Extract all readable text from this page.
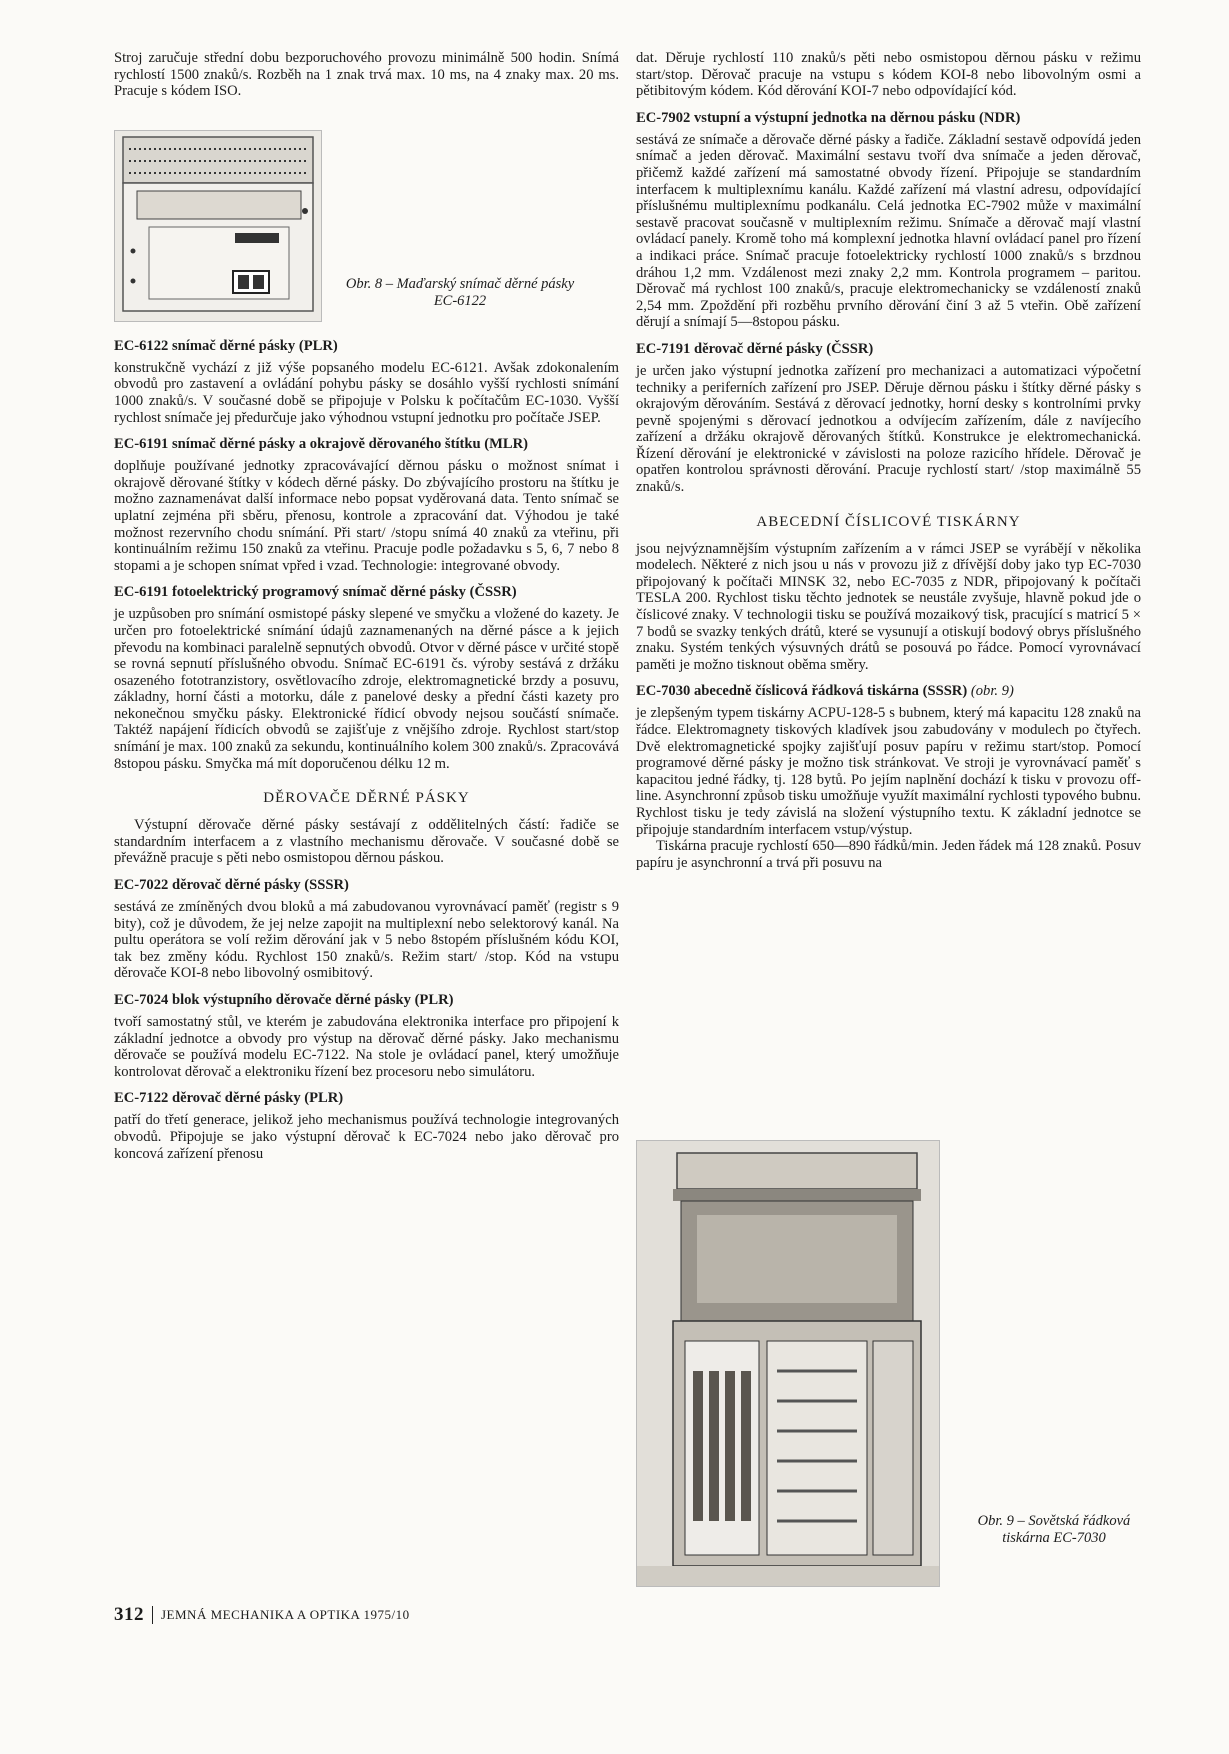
Stroj zaručuje střední dobu bezporuchového provozu minimálně 500 hodin. Snímá rychlostí 1500 znaků/s. Rozběh na 1 znak trvá max. 10 ms, na 4 znaky max. 20 ms. Pracuje s kódem ISO.

Obr. 8 – Maďarský snímač děrné pásky EC-6122
EC-6122 snímač děrné pásky (PLR)

konstrukčně vychází z již výše popsaného modelu EC-6121. Avšak zdokonalením obvodů pro zastavení a ovládání pohybu pásky se dosáhlo vyšší rychlosti snímání 1000 znaků/s. V současné době se připojuje v Polsku k počítačům EC-1030. Vyšší rychlost snímače jej předurčuje jako výhodnou vstupní jednotku pro počítače JSEP.

EC-6191 snímač děrné pásky a okrajově děrovaného štítku (MLR)

doplňuje používané jednotky zpracovávající děrnou pásku o možnost snímat i okrajově děrované štítky v kódech děrné pásky. Do zbývajícího prostoru na štítku je možno zaznamenávat další informace nebo popsat vyděrovaná data. Tento snímač se uplatní zejména při sběru, přenosu, kontrole a zpracování dat. Výhodou je také možnost rezervního chodu snímání. Při start/ /stopu snímá 40 znaků za vteřinu, při kontinuálním režimu 150 znaků za vteřinu. Pracuje podle požadavku s 5, 6, 7 nebo 8 stopami a je schopen snímat vpřed i vzad. Technologie: integrované obvody.

EC-6191 fotoelektrický programový snímač děrné pásky (ČSSR)

je uzpůsoben pro snímání osmistopé pásky slepené ve smyčku a vložené do kazety. Je určen pro fotoelektrické snímání údajů zaznamenaných na děrné pásce a k jejich převodu na kombinaci paralelně sepnutých obvodů. Otvor v děrné pásce v určité stopě se rovná sepnutí příslušného obvodu. Snímač EC-6191 čs. výroby sestává z držáku osazeného fototranzistory, osvětlovacího zdroje, elektromagnetické brzdy a posuvu, základny, horní části a motorku, dále z panelové desky a přední části kazety pro nekonečnou smyčku pásky. Elektronické řídicí obvody nejsou součástí snímače. Taktéž napájení řídicích obvodů se zajišťuje z vnějšího zdroje. Rychlost start/stop snímání je max. 100 znaků za sekundu, kontinuálního kolem 300 znaků/s. Zpracovává 8stopou pásku. Smyčka má mít doporučenou délku 12 m.

DĚROVAČE DĚRNÉ PÁSKY

Výstupní děrovače děrné pásky sestávají z oddělitelných částí: řadiče se standardním interfacem a z vlastního mechanismu děrovače. V současné době se převážně pracuje s pěti nebo osmistopou děrnou páskou.

EC-7022 děrovač děrné pásky (SSSR)

sestává ze zmíněných dvou bloků a má zabudovanou vyrovnávací paměť (registr s 9 bity), což je důvodem, že jej nelze zapojit na multiplexní nebo selektorový kanál. Na pultu operátora se volí režim děrování jak v 5 nebo 8stopém příslušném kódu KOI, tak bez změny kódu. Rychlost 150 znaků/s. Režim start/ /stop. Kód na vstupu děrovače KOI-8 nebo libovolný osmibitový.

EC-7024 blok výstupního děrovače děrné pásky (PLR)

tvoří samostatný stůl, ve kterém je zabudována elektronika interface pro připojení k základní jednotce a obvody pro výstup na děrovač děrné pásky. Jako mechanismu děrovače se používá modelu EC-7122. Na stole je ovládací panel, který umožňuje kontrolovat děrovač a elektroniku řízení bez procesoru nebo simulátoru.

EC-7122 děrovač děrné pásky (PLR)

patří do třetí generace, jelikož jeho mechanismus používá technologie integrovaných obvodů. Připojuje se jako výstupní děrovač k EC-7024 nebo jako děrovač pro koncová zařízení přenosu

dat. Děruje rychlostí 110 znaků/s pěti nebo osmistopou děrnou pásku v režimu start/stop. Děrovač pracuje na vstupu s kódem KOI-8 nebo libovolným osmi a pětibitovým kódem. Kód děrování KOI-7 nebo odpovídající kód.

EC-7902 vstupní a výstupní jednotka na děrnou pásku (NDR)

sestává ze snímače a děrovače děrné pásky a řadiče. Základní sestavě odpovídá jeden snímač a jeden děrovač. Maximální sestavu tvoří dva snímače a jeden děrovač, přičemž každé zařízení má samostatné obvody řízení. Připojuje se standardním interfacem k multiplexnímu kanálu. Každé zařízení má vlastní adresu, odpovídající příslušnému multiplexnímu podkanálu. Celá jednotka EC-7902 může v maximální sestavě pracovat současně v multiplexním režimu. Snímače a děrovač mají vlastní ovládací panely. Kromě toho má komplexní jednotka hlavní ovládací panel pro řízení a indikaci práce. Snímač pracuje fotoelektricky rychlostí 1000 znaků/s s brzdnou dráhou 1,2 mm. Vzdálenost mezi znaky 2,2 mm. Kontrola programem – paritou. Děrovač má rychlost 100 znaků/s, pracuje elektromechanicky se vzdáleností znaků 2,54 mm. Zpoždění při rozběhu prvního děrování činí 3 až 5 vteřin. Obě zařízení děrují a snímají 5—8stopou pásku.

EC-7191 děrovač děrné pásky (ČSSR)

je určen jako výstupní jednotka zařízení pro mechanizaci a automatizaci výpočetní techniky a periferních zařízení pro JSEP. Děruje děrnou pásku i štítky děrné pásky s okrajovým děrováním. Sestává z děrovací jednotky, horní desky s kontrolními prvky pevně spojenými s děrovací jednotkou a odvíjecím zařízením, dále z navíjecího zařízení a držáku okrajově děrovaných štítků. Konstrukce je elektromechanická. Řízení děrování je elektronické v závislosti na poloze razicího hřídele. Děrovač je opatřen kontrolou správnosti děrování. Pracuje rychlostí start/ /stop maximálně 55 znaků/s.

ABECEDNÍ ČÍSLICOVÉ TISKÁRNY

jsou nejvýznamnějším výstupním zařízením a v rámci JSEP se vyrábějí v několika modelech. Některé z nich jsou u nás v provozu již z dřívější doby jako typ EC-7030 připojovaný k počítači MINSK 32, nebo EC-7035 z NDR, připojovaný k počítači TESLA 200. Rychlost tisku těchto jednotek se neustále zvyšuje, hlavně pokud jde o číslicové znaky. V technologii tisku se používá mozaikový tisk, pracující s matricí 5 × 7 bodů se svazky tenkých drátů, které se vysunují a otiskují bodový obrys příslušného znaku. Systém tenkých výsuvných drátů se posouvá po řádce. Pomocí vyrovnávací paměti je možno tisknout oběma směry.

EC-7030 abecedně číslicová řádková tiskárna (SSSR) (obr. 9)

je zlepšeným typem tiskárny ACPU-128-5 s bubnem, který má kapacitu 128 znaků na řádce. Elektromagnety tiskových kladívek jsou zabudovány v modulech po čtyřech. Dvě elektromagnetické spojky zajišťují posuv papíru v režimu start/stop. Pomocí programové děrné pásky je možno tisk stránkovat. Ve stroji je vyrovnávací paměť s kapacitou jedné řádky, tj. 128 bytů. Po jejím naplnění dochází k tisku v provozu off-line. Asynchronní způsob tisku umožňuje využít maximální rychlosti typového bubnu. Rychlost tisku je tedy závislá na složení výstupního textu. K základní jednotce se připojuje standardním interfacem vstup/výstup.

Tiskárna pracuje rychlostí 650—890 řádků/min. Jeden řádek má 128 znaků. Posuv papíru je asynchronní a trvá při posuvu na

Obr. 9 – Sovětská řádková tiskárna EC-7030
312 JEMNÁ MECHANIKA A OPTIKA 1975/10
